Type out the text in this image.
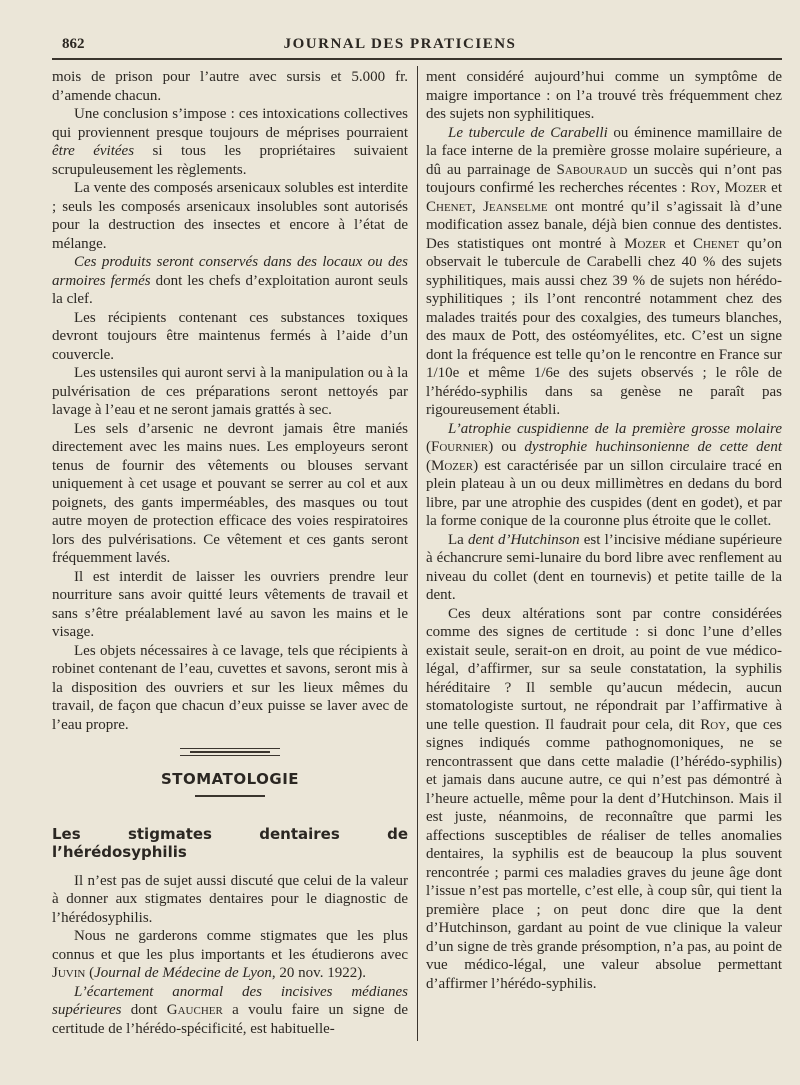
862	JOURNAL DES PRATICIENS

mois de prison pour l’autre avec sursis et 5.000 fr. d’amende chacun.

Une conclusion s’impose : ces intoxications collectives qui proviennent presque toujours de méprises pourraient être évitées si tous les propriétaires suivaient scrupuleusement les règlements.

La vente des composés arsenicaux solubles est interdite ; seuls les composés arsenicaux insolubles sont autorisés pour la destruction des insectes et encore à l’état de mélange.

Ces produits seront conservés dans des locaux ou des armoires fermés dont les chefs d’exploitation auront seuls la clef.

Les récipients contenant ces substances toxiques devront toujours être maintenus fermés à l’aide d’un couvercle.

Les ustensiles qui auront servi à la manipulation ou à la pulvérisation de ces préparations seront nettoyés par lavage à l’eau et ne seront jamais grattés à sec.

Les sels d’arsenic ne devront jamais être maniés directement avec les mains nues. Les employeurs seront tenus de fournir des vêtements ou blouses servant uniquement à cet usage et pouvant se serrer au col et aux poignets, des gants imperméables, des masques ou tout autre moyen de protection efficace des voies respiratoires lors des pulvérisations. Ce vêtement et ces gants seront fréquemment lavés.

Il est interdit de laisser les ouvriers prendre leur nourriture sans avoir quitté leurs vêtements de travail et sans s’être préalablement lavé au savon les mains et le visage.

Les objets nécessaires à ce lavage, tels que récipients à robinet contenant de l’eau, cuvettes et savons, seront mis à la disposition des ouvriers et sur les lieux mêmes du travail, de façon que chacun d’eux puisse se laver avec de l’eau propre.

STOMATOLOGIE
Les stigmates dentaires de l’hérédosyphilis

Il n’est pas de sujet aussi discuté que celui de la valeur à donner aux stigmates dentaires pour le diagnostic de l’hérédosyphilis.

Nous ne garderons comme stigmates que les plus connus et que les plus importants et les étudierons avec Juvin (Journal de Médecine de Lyon, 20 nov. 1922).

L’écartement anormal des incisives médianes supérieures dont Gaucher a voulu faire un signe de certitude de l’hérédo-spécificité, est habituelle-

ment considéré aujourd’hui comme un symptôme de maigre importance : on l’a trouvé très fréquemment chez des sujets non syphilitiques.

Le tubercule de Carabelli ou éminence mamillaire de la face interne de la première grosse molaire supérieure, a dû au parrainage de Sabouraud un succès qui n’ont pas toujours confirmé les recherches récentes : Roy, Mozer et Chenet, Jeanselme ont montré qu’il s’agissait là d’une modification assez banale, déjà bien connue des dentistes. Des statistiques ont montré à Mozer et Chenet qu’on observait le tubercule de Carabelli chez 40 % des sujets syphilitiques, mais aussi chez 39 % de sujets non hérédo-syphilitiques ; ils l’ont rencontré notamment chez des malades traités pour des coxalgies, des tumeurs blanches, des maux de Pott, des ostéomyélites, etc. C’est un signe dont la fréquence est telle qu’on le rencontre en France sur 1/10e et même 1/6e des sujets observés ; le rôle de l’hérédo-syphilis dans sa genèse ne paraît pas rigoureusement établi.

L’atrophie cuspidienne de la première grosse molaire (Fournier) ou dystrophie huchinsonienne de cette dent (Mozer) est caractérisée par un sillon circulaire tracé en plein plateau à un ou deux millimètres en dedans du bord libre, par une atrophie des cuspides (dent en godet), et par la forme conique de la couronne plus étroite que le collet.

La dent d’Hutchinson est l’incisive médiane supérieure à échancrure semi-lunaire du bord libre avec renflement au niveau du collet (dent en tournevis) et petite taille de la dent.

Ces deux altérations sont par contre considérées comme des signes de certitude : si donc l’une d’elles existait seule, serait-on en droit, au point de vue médico-légal, d’affirmer, sur sa seule constatation, la syphilis héréditaire ? Il semble qu’aucun médecin, aucun stomatologiste surtout, ne répondrait par l’affirmative à une telle question. Il faudrait pour cela, dit Roy, que ces signes indiqués comme pathognomoniques, ne se rencontrassent que dans cette maladie (l’hérédo-syphilis) et jamais dans aucune autre, ce qui n’est pas démontré à l’heure actuelle, même pour la dent d’Hutchinson. Mais il est juste, néanmoins, de reconnaître que parmi les affections susceptibles de réaliser de telles anomalies dentaires, la syphilis est de beaucoup la plus souvent rencontrée ; parmi ces maladies graves du jeune âge dont l’issue n’est pas mortelle, c’est elle, à coup sûr, qui tient la première place ; on peut donc dire que la dent d’Hutchinson, gardant au point de vue clinique la valeur d’un signe de très grande présomption, n’a pas, au point de vue médico-légal, une valeur absolue permettant d’affirmer l’hérédo-syphilis.
